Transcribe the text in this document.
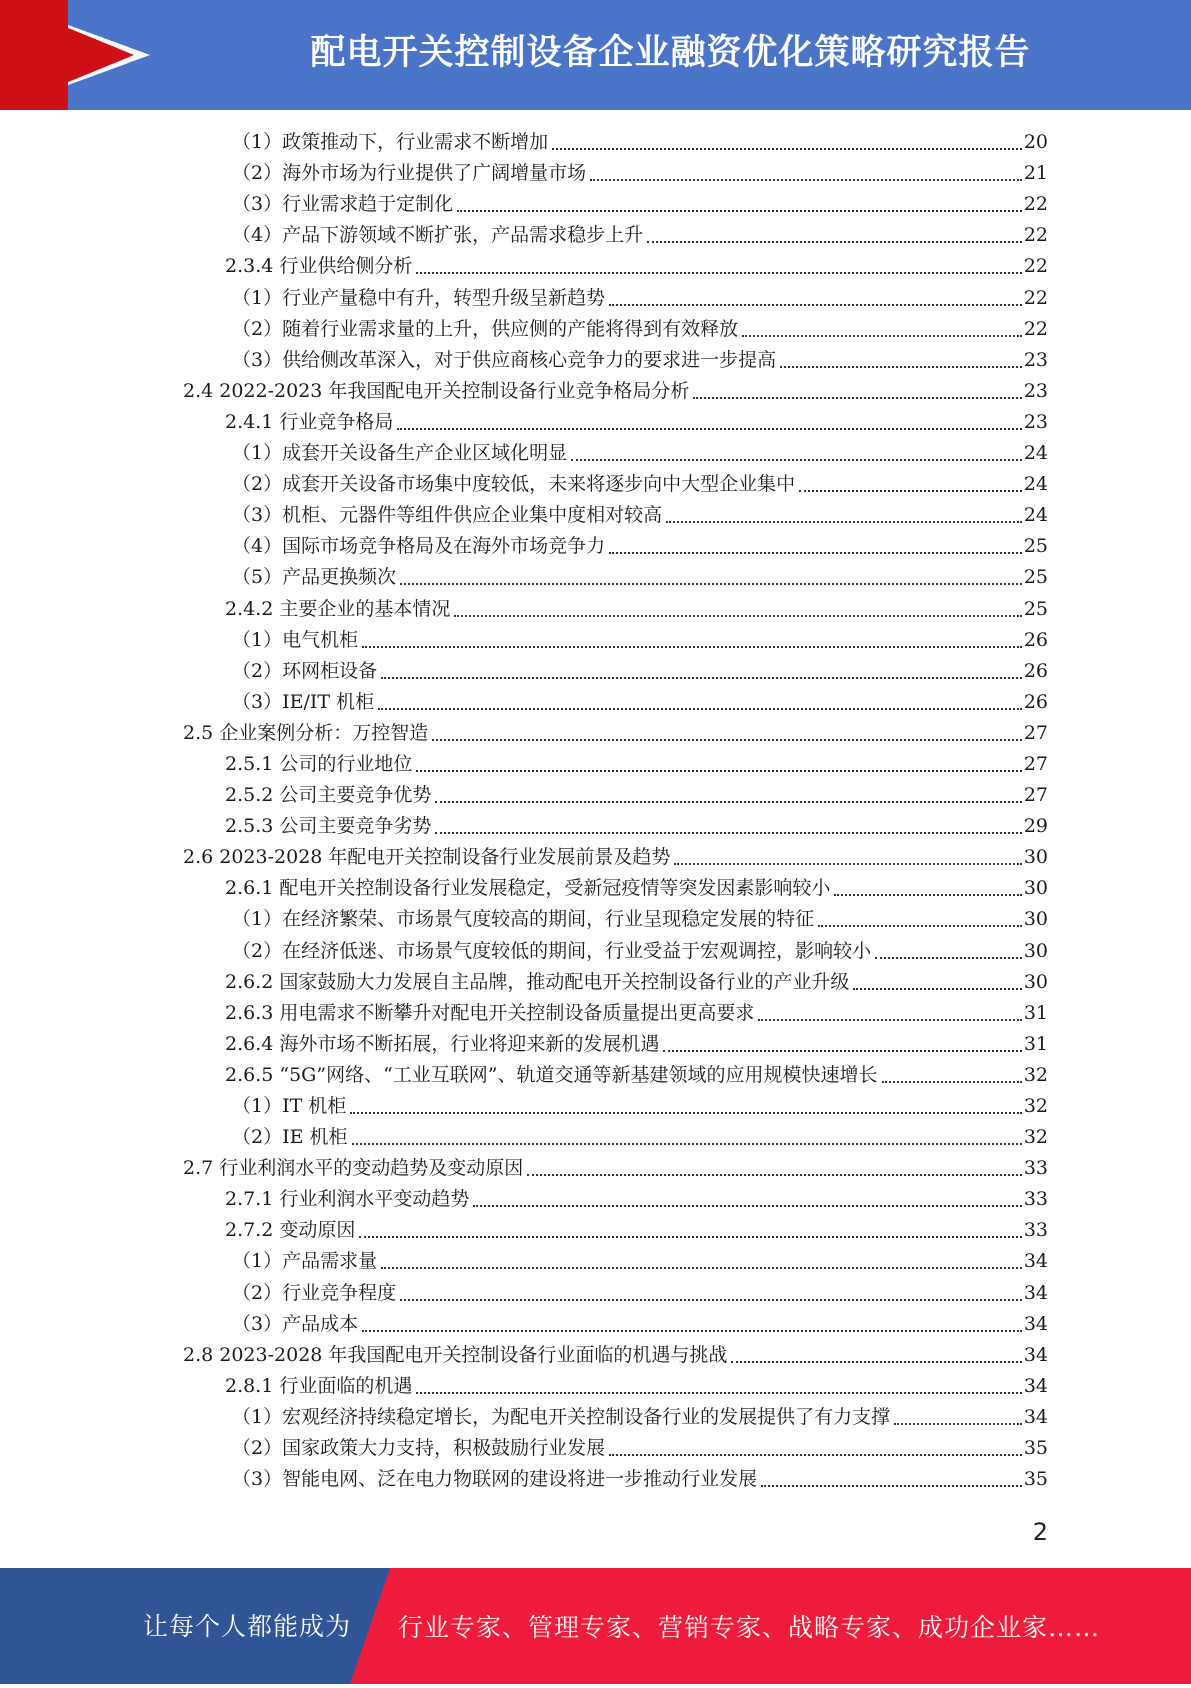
配电开关控制设备企业融资优化策略研究报告
（1）政策推动下，行业需求不断增加	20
（2）海外市场为行业提供了广阔增量市场	21
（3）行业需求趋于定制化	22
（4）产品下游领域不断扩张，产品需求稳步上升	22
2.3.4 行业供给侧分析	22
（1）行业产量稳中有升，转型升级呈新趋势	22
（2）随着行业需求量的上升，供应侧的产能将得到有效释放	22
（3）供给侧改革深入，对于供应商核心竞争力的要求进一步提高	23
2.4 2022-2023 年我国配电开关控制设备行业竞争格局分析	23
2.4.1 行业竞争格局	23
（1）成套开关设备生产企业区域化明显	24
（2）成套开关设备市场集中度较低，未来将逐步向中大型企业集中	24
（3）机柜、元器件等组件供应企业集中度相对较高	24
（4）国际市场竞争格局及在海外市场竞争力	25
（5）产品更换频次	25
2.4.2 主要企业的基本情况	25
（1）电气机柜	26
（2）环网柜设备	26
（3）IE/IT 机柜	26
2.5 企业案例分析：万控智造	27
2.5.1 公司的行业地位	27
2.5.2 公司主要竞争优势	27
2.5.3 公司主要竞争劣势	29
2.6 2023-2028 年配电开关控制设备行业发展前景及趋势	30
2.6.1 配电开关控制设备行业发展稳定，受新冠疫情等突发因素影响较小	30
（1）在经济繁荣、市场景气度较高的期间，行业呈现稳定发展的特征	30
（2）在经济低迷、市场景气度较低的期间，行业受益于宏观调控，影响较小	30
2.6.2 国家鼓励大力发展自主品牌，推动配电开关控制设备行业的产业升级	30
2.6.3 用电需求不断攀升对配电开关控制设备质量提出更高要求	31
2.6.4 海外市场不断拓展，行业将迎来新的发展机遇	31
2.6.5 “5G”网络、“工业互联网”、轨道交通等新基建领域的应用规模快速增长	32
（1）IT 机柜	32
（2）IE 机柜	32
2.7 行业利润水平的变动趋势及变动原因	33
2.7.1 行业利润水平变动趋势	33
2.7.2 变动原因	33
（1）产品需求量	34
（2）行业竞争程度	34
（3）产品成本	34
2.8 2023-2028 年我国配电开关控制设备行业面临的机遇与挑战	34
2.8.1 行业面临的机遇	34
（1）宏观经济持续稳定增长，为配电开关控制设备行业的发展提供了有力支撑	34
（2）国家政策大力支持，积极鼓励行业发展	35
（3）智能电网、泛在电力物联网的建设将进一步推动行业发展	35
2
让每个人都能成为 行业专家、管理专家、营销专家、战略专家、成功企业家……
